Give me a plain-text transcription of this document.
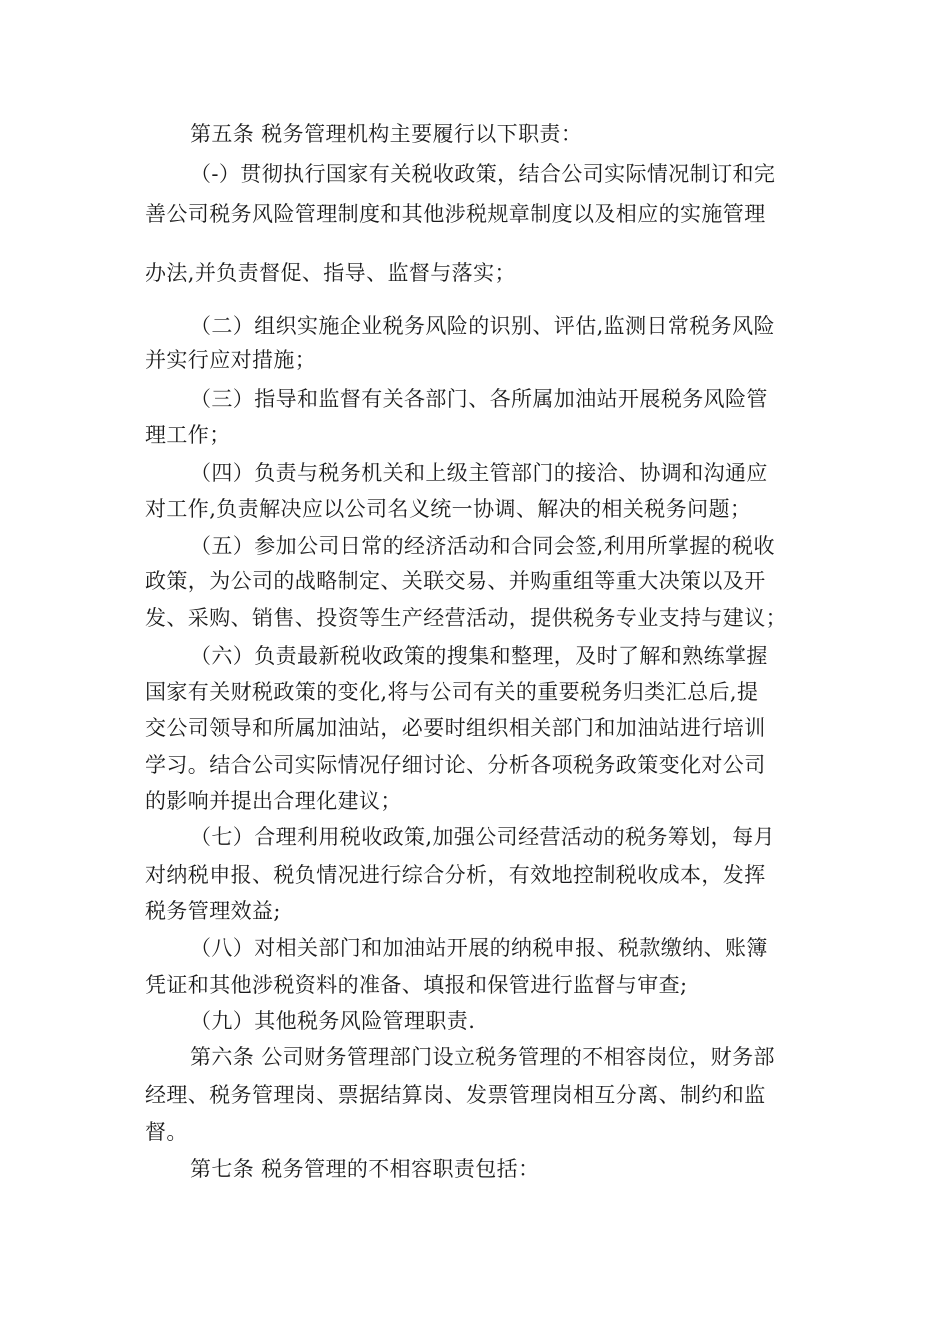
第五条 税务管理机构主要履行以下职责：
（-）贯彻执行国家有关税收政策，结合公司实际情况制订和完
善公司税务风险管理制度和其他涉税规章制度以及相应的实施管理
办法,并负责督促、指导、监督与落实；
（二）组织实施企业税务风险的识别、评估,监测日常税务风险
并实行应对措施；
（三）指导和监督有关各部门、各所属加油站开展税务风险管
理工作；
（四）负责与税务机关和上级主管部门的接洽、协调和沟通应
对工作,负责解决应以公司名义统一协调、解决的相关税务问题；
（五）参加公司日常的经济活动和合同会签,利用所掌握的税收
政策，为公司的战略制定、关联交易、并购重组等重大决策以及开
发、采购、销售、投资等生产经营活动，提供税务专业支持与建议；
（六）负责最新税收政策的搜集和整理，及时了解和熟练掌握
国家有关财税政策的变化,将与公司有关的重要税务归类汇总后,提
交公司领导和所属加油站，必要时组织相关部门和加油站进行培训
学习。结合公司实际情况仔细讨论、分析各项税务政策变化对公司
的影响并提出合理化建议；
（七）合理利用税收政策,加强公司经营活动的税务筹划，每月
对纳税申报、税负情况进行综合分析，有效地控制税收成本，发挥
税务管理效益;
（八）对相关部门和加油站开展的纳税申报、税款缴纳、账簿
凭证和其他涉税资料的准备、填报和保管进行监督与审查;
（九）其他税务风险管理职责.
第六条 公司财务管理部门设立税务管理的不相容岗位，财务部
经理、税务管理岗、票据结算岗、发票管理岗相互分离、制约和监
督。
第七条 税务管理的不相容职责包括：
